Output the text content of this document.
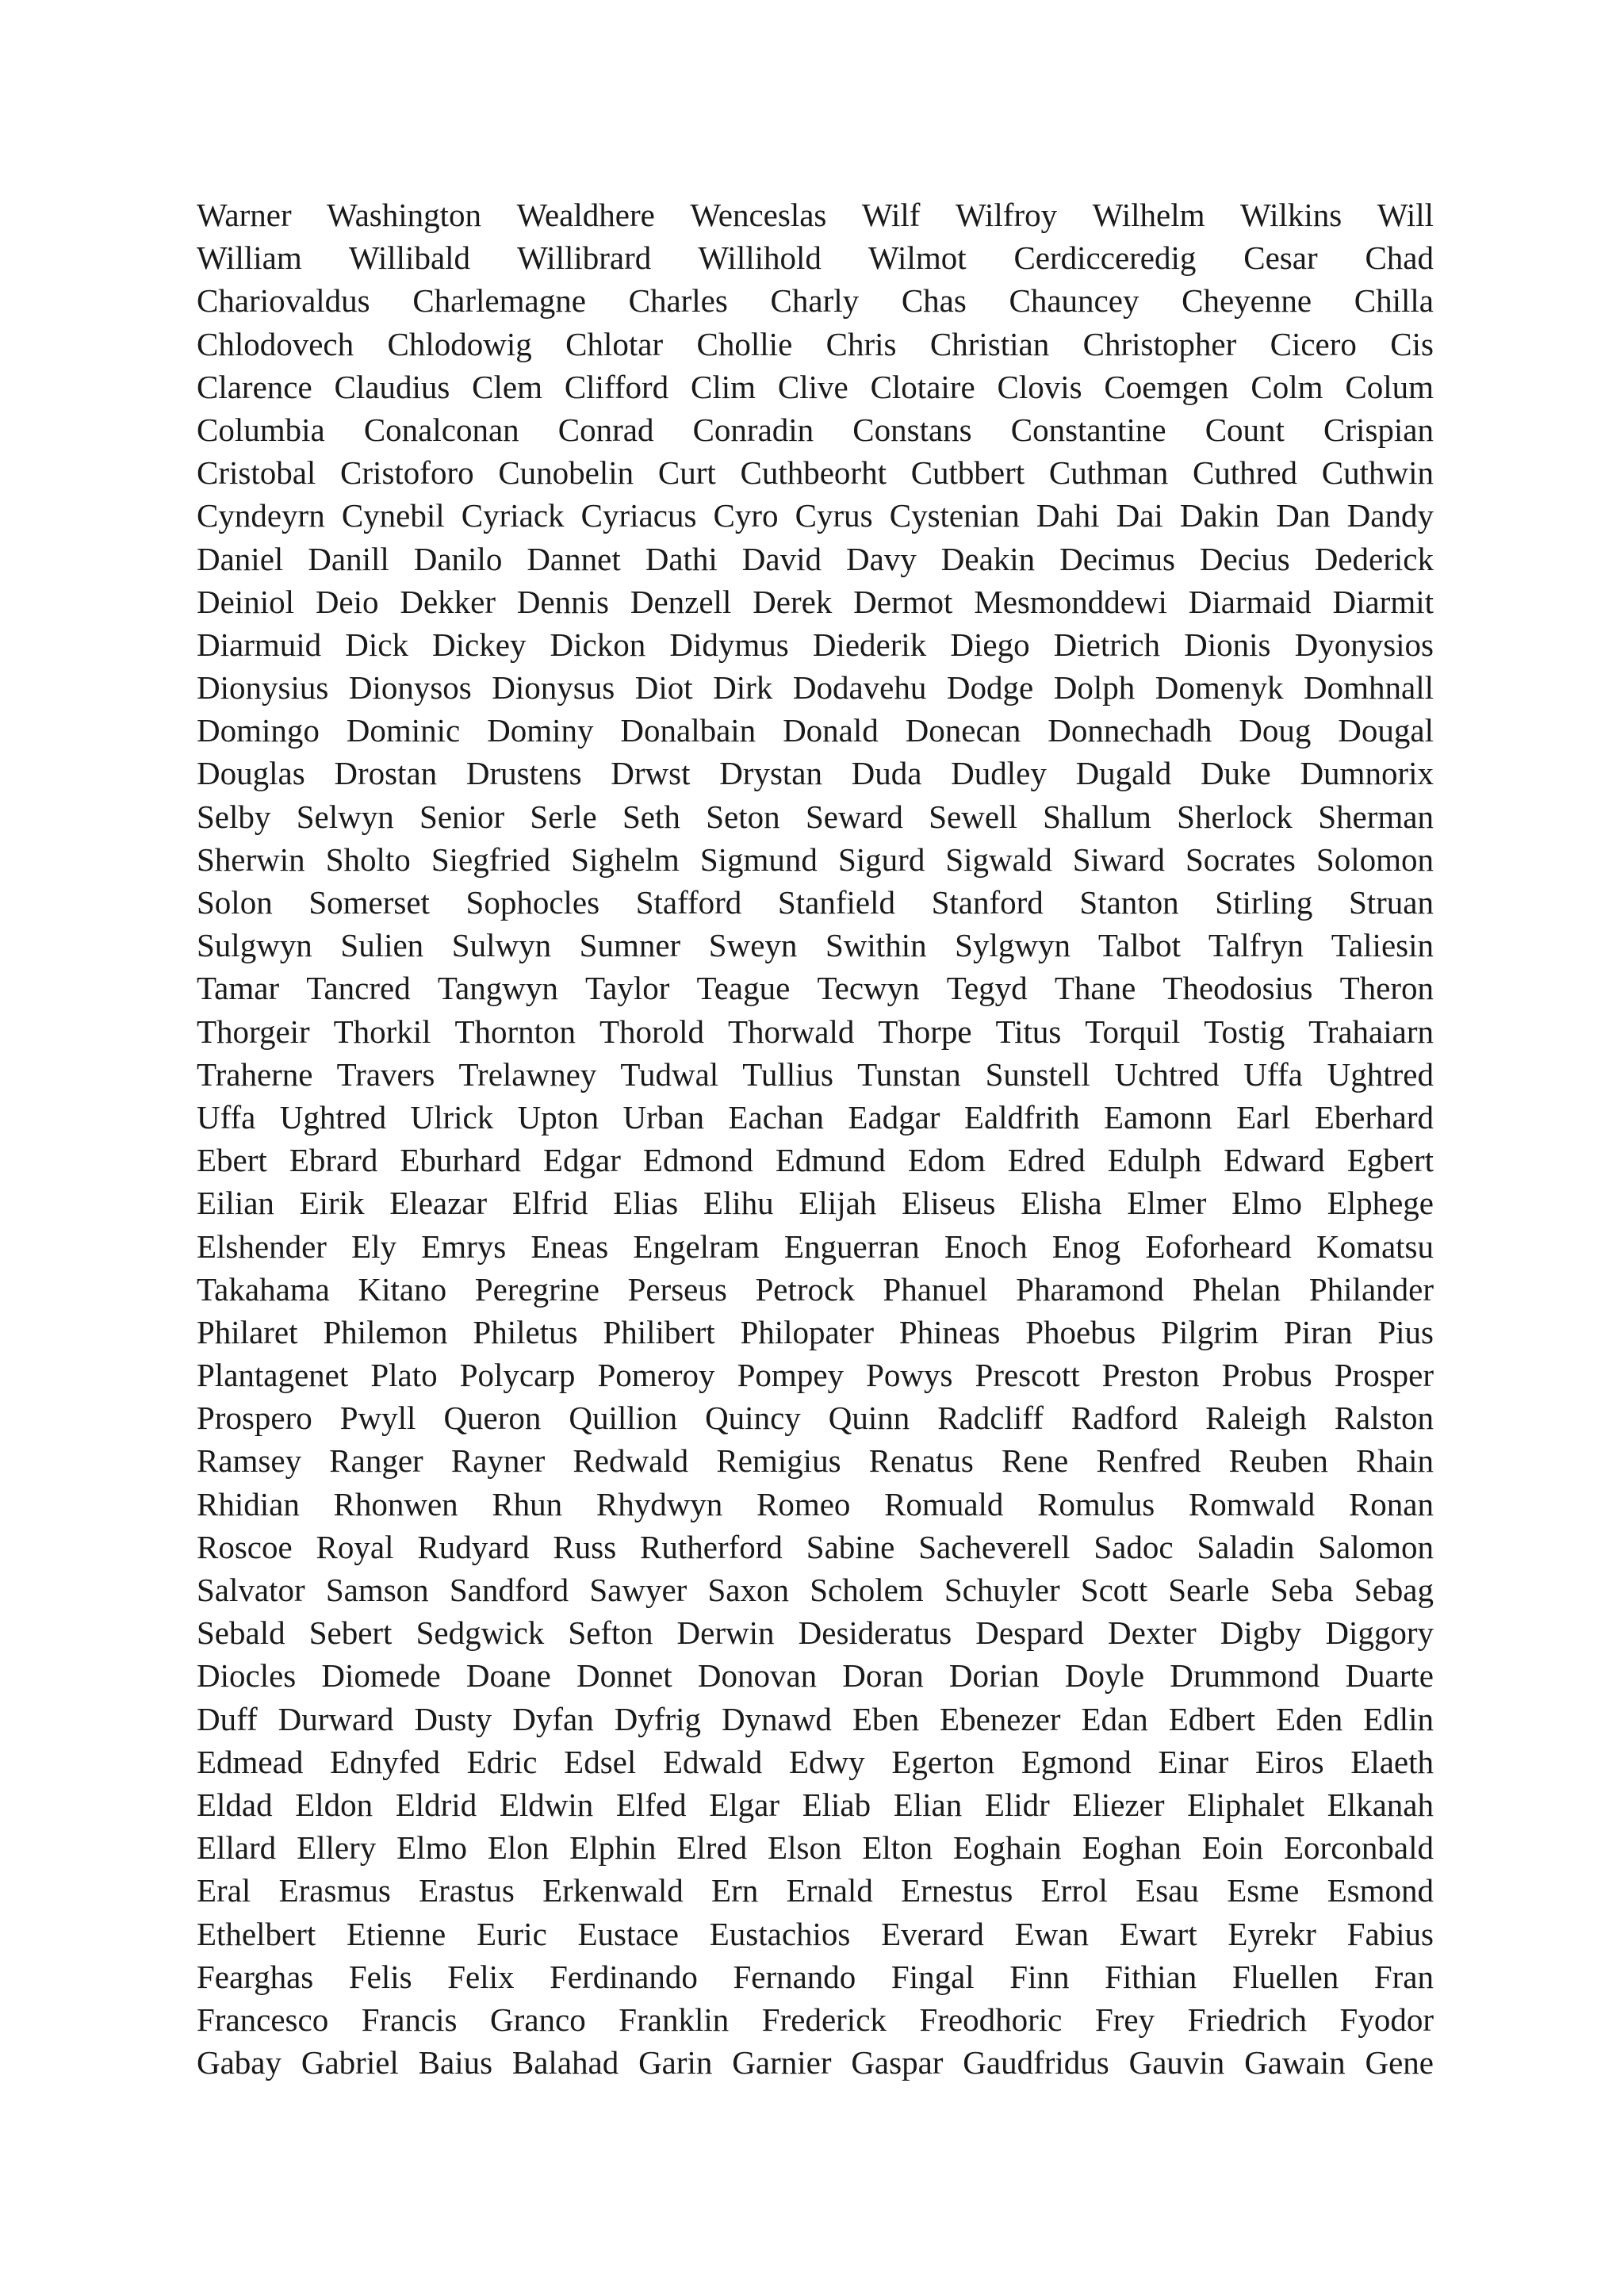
Warner Washington Wealdhere Wenceslas Wilf Wilfroy Wilhelm Wilkins Will
William Willibald Willibrard Willihold Wilmot Cerdicceredig Cesar Chad
Chariovaldus Charlemagne Charles Charly Chas Chauncey Cheyenne Chilla
Chlodovech Chlodowig Chlotar Chollie Chris Christian Christopher Cicero Cis
Clarence Claudius Clem Clifford Clim Clive Clotaire Clovis Coemgen Colm Colum
Columbia Conalconan Conrad Conradin Constans Constantine Count Crispian
Cristobal Cristoforo Cunobelin Curt Cuthbeorht Cutbbert Cuthman Cuthred Cuthwin
Cyndeyrn Cynebil Cyriack Cyriacus Cyro Cyrus Cystenian Dahi Dai Dakin Dan Dandy
Daniel Danill Danilo Dannet Dathi David Davy Deakin Decimus Decius Dederick
Deiniol Deio Dekker Dennis Denzell Derek Dermot Mesmonddewi Diarmaid Diarmit
Diarmuid Dick Dickey Dickon Didymus Diederik Diego Dietrich Dionis Dyonysios
Dionysius Dionysos Dionysus Diot Dirk Dodavehu Dodge Dolph Domenyk Domhnall
Domingo Dominic Dominy Donalbain Donald Donecan Donnechadh Doug Dougal
Douglas Drostan Drustens Drwst Drystan Duda Dudley Dugald Duke Dumnorix
Selby Selwyn Senior Serle Seth Seton Seward Sewell Shallum Sherlock Sherman
Sherwin Sholto Siegfried Sighelm Sigmund Sigurd Sigwald Siward Socrates Solomon
Solon Somerset Sophocles Stafford Stanfield Stanford Stanton Stirling Struan
Sulgwyn Sulien Sulwyn Sumner Sweyn Swithin Sylgwyn Talbot Talfryn Taliesin
Tamar Tancred Tangwyn Taylor Teague Tecwyn Tegyd Thane Theodosius Theron
Thorgeir Thorkil Thornton Thorold Thorwald Thorpe Titus Torquil Tostig Trahaiarn
Traherne Travers Trelawney Tudwal Tullius Tunstan Sunstell Uchtred Uffa Ughtred
Uffa Ughtred Ulrick Upton Urban Eachan Eadgar Ealdfrith Eamonn Earl Eberhard
Ebert Ebrard Eburhard Edgar Edmond Edmund Edom Edred Edulph Edward Egbert
Eilian Eirik Eleazar Elfrid Elias Elihu Elijah Eliseus Elisha Elmer Elmo Elphege
Elshender Ely Emrys Eneas Engelram Enguerran Enoch Enog Eoforheard Komatsu
Takahama Kitano Peregrine Perseus Petrock Phanuel Pharamond Phelan Philander
Philaret Philemon Philetus Philibert Philopater Phineas Phoebus Pilgrim Piran Pius
Plantagenet Plato Polycarp Pomeroy Pompey Powys Prescott Preston Probus Prosper
Prospero Pwyll Queron Quillion Quincy Quinn Radcliff Radford Raleigh Ralston
Ramsey Ranger Rayner Redwald Remigius Renatus Rene Renfred Reuben Rhain
Rhidian Rhonwen Rhun Rhydwyn Romeo Romuald Romulus Romwald Ronan
Roscoe Royal Rudyard Russ Rutherford Sabine Sacheverell Sadoc Saladin Salomon
Salvator Samson Sandford Sawyer Saxon Scholem Schuyler Scott Searle Seba Sebag
Sebald Sebert Sedgwick Sefton Derwin Desideratus Despard Dexter Digby Diggory
Diocles Diomede Doane Donnet Donovan Doran Dorian Doyle Drummond Duarte
Duff Durward Dusty Dyfan Dyfrig Dynawd Eben Ebenezer Edan Edbert Eden Edlin
Edmead Ednyfed Edric Edsel Edwald Edwy Egerton Egmond Einar Eiros Elaeth
Eldad Eldon Eldrid Eldwin Elfed Elgar Eliab Elian Elidr Eliezer Eliphalet Elkanah
Ellard Ellery Elmo Elon Elphin Elred Elson Elton Eoghain Eoghan Eoin Eorconbald
Eral Erasmus Erastus Erkenwald Ern Ernald Ernestus Errol Esau Esme Esmond
Ethelbert Etienne Euric Eustace Eustachios Everard Ewan Ewart Eyrekr Fabius
Fearghas Felis Felix Ferdinando Fernando Fingal Finn Fithian Fluellen Fran
Francesco Francis Granco Franklin Frederick Freodhoric Frey Friedrich Fyodor
Gabay Gabriel Baius Balahad Garin Garnier Gaspar Gaudfridus Gauvin Gawain Gene
